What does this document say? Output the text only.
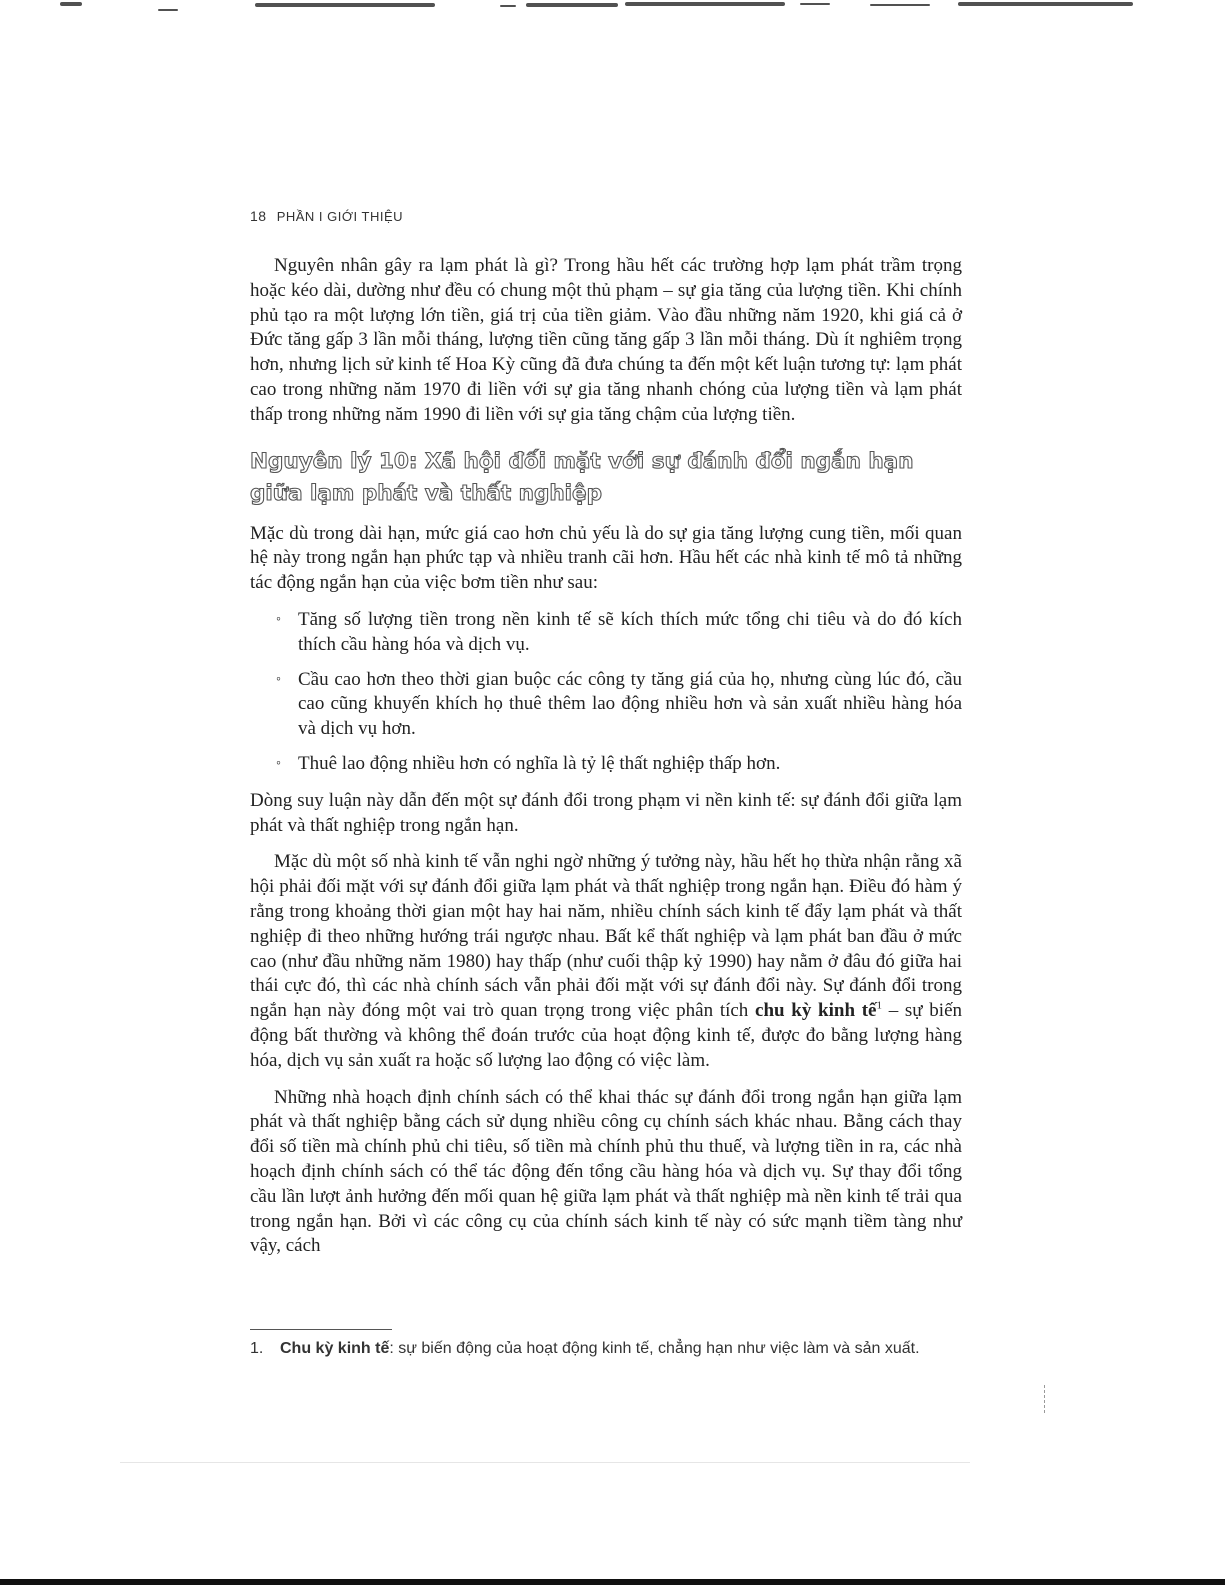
18 PHẦN I GIỚI THIỆU

Nguyên nhân gây ra lạm phát là gì? Trong hầu hết các trường hợp lạm phát trầm trọng hoặc kéo dài, dường như đều có chung một thủ phạm – sự gia tăng của lượng tiền. Khi chính phủ tạo ra một lượng lớn tiền, giá trị của tiền giảm. Vào đầu những năm 1920, khi giá cả ở Đức tăng gấp 3 lần mỗi tháng, lượng tiền cũng tăng gấp 3 lần mỗi tháng. Dù ít nghiêm trọng hơn, nhưng lịch sử kinh tế Hoa Kỳ cũng đã đưa chúng ta đến một kết luận tương tự: lạm phát cao trong những năm 1970 đi liền với sự gia tăng nhanh chóng của lượng tiền và lạm phát thấp trong những năm 1990 đi liền với sự gia tăng chậm của lượng tiền.

Nguyên lý 10: Xã hội đối mặt với sự đánh đổi ngắn hạn
giữa lạm phát và thất nghiệp

Mặc dù trong dài hạn, mức giá cao hơn chủ yếu là do sự gia tăng lượng cung tiền, mối quan hệ này trong ngắn hạn phức tạp và nhiều tranh cãi hơn. Hầu hết các nhà kinh tế mô tả những tác động ngắn hạn của việc bơm tiền như sau:

◦ Tăng số lượng tiền trong nền kinh tế sẽ kích thích mức tổng chi tiêu và do đó kích thích cầu hàng hóa và dịch vụ.
◦ Cầu cao hơn theo thời gian buộc các công ty tăng giá của họ, nhưng cùng lúc đó, cầu cao cũng khuyến khích họ thuê thêm lao động nhiều hơn và sản xuất nhiều hàng hóa và dịch vụ hơn.
◦ Thuê lao động nhiều hơn có nghĩa là tỷ lệ thất nghiệp thấp hơn.

Dòng suy luận này dẫn đến một sự đánh đổi trong phạm vi nền kinh tế: sự đánh đổi giữa lạm phát và thất nghiệp trong ngắn hạn.

Mặc dù một số nhà kinh tế vẫn nghi ngờ những ý tưởng này, hầu hết họ thừa nhận rằng xã hội phải đối mặt với sự đánh đổi giữa lạm phát và thất nghiệp trong ngắn hạn. Điều đó hàm ý rằng trong khoảng thời gian một hay hai năm, nhiều chính sách kinh tế đẩy lạm phát và thất nghiệp đi theo những hướng trái ngược nhau. Bất kể thất nghiệp và lạm phát ban đầu ở mức cao (như đầu những năm 1980) hay thấp (như cuối thập kỷ 1990) hay nằm ở đâu đó giữa hai thái cực đó, thì các nhà chính sách vẫn phải đối mặt với sự đánh đổi này. Sự đánh đổi trong ngắn hạn này đóng một vai trò quan trọng trong việc phân tích chu kỳ kinh tế$^1$ – sự biến động bất thường và không thể đoán trước của hoạt động kinh tế, được đo bằng lượng hàng hóa, dịch vụ sản xuất ra hoặc số lượng lao động có việc làm.

Những nhà hoạch định chính sách có thể khai thác sự đánh đổi trong ngắn hạn giữa lạm phát và thất nghiệp bằng cách sử dụng nhiều công cụ chính sách khác nhau. Bằng cách thay đổi số tiền mà chính phủ chi tiêu, số tiền mà chính phủ thu thuế, và lượng tiền in ra, các nhà hoạch định chính sách có thể tác động đến tổng cầu hàng hóa và dịch vụ. Sự thay đổi tổng cầu lần lượt ảnh hưởng đến mối quan hệ giữa lạm phát và thất nghiệp mà nền kinh tế trải qua trong ngắn hạn. Bởi vì các công cụ của chính sách kinh tế này có sức mạnh tiềm tàng như vậy, cách

1. Chu kỳ kinh tế: sự biến động của hoạt động kinh tế, chẳng hạn như việc làm và sản xuất.
